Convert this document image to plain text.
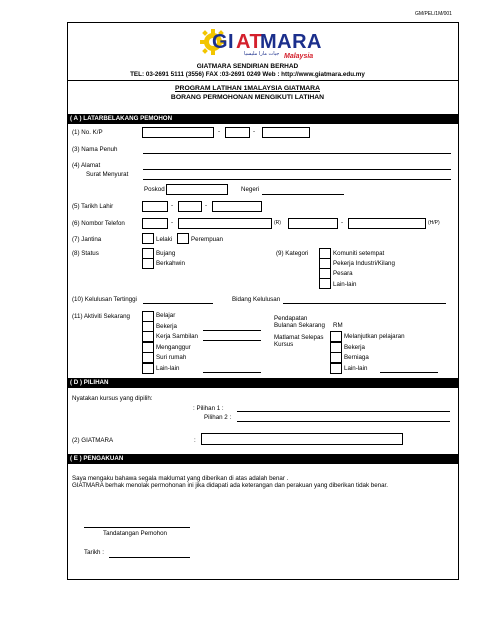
GM/PEL/1M/001
GI AT
MARA
جيات مارا مليسيا Malaysia
GIATMARA SENDIRIAN BERHAD
TEL: 03-2691 5111 (3556) FAX :03-2691 0249 Web : http://www.giatmara.edu.my
PROGRAM LATIHAN 1MALAYSIA GIATMARA
BORANG PERMOHONAN MENGIKUTI LATIHAN
( A ) LATARBELAKANG PEMOHON
(1) No. K/P	-	-
(3) Nama Penuh
(4) Alamat
Surat Menyurat
Poskod	Negeri
(5) Tarikh Lahir	-	-
(6) Nombor Telefon	-	(R)	-	(H/P)
(7) Jantina	Lelaki	Perempuan
(8) Status	Bujang
Berkahwin
(9) Kategori	Komuniti setempat
Pekerja Industri/Kilang
Pesara
Lain-lain
(10) Kelulusan Tertinggi	Bidang Kelulusan
(11) Aktiviti Sekarang	Belajar
Bekerja
Kerja Sambilan
Menganggur
Suri rumah
Lain-lain
Pendapatan
Bulanan Sekarang RM
Matlamat Selepas
Kursus
Melanjutkan pelajaran
Bekerja
Berniaga
Lain-lain
( D ) PILIHAN
Nyatakan kursus yang dipilih:
: Pilihan 1 :
Pilihan 2 :
(2) GIATMARA	:
( E ) PENGAKUAN
Saya mengaku bahawa segala maklumat yang diberikan di atas adalah benar .
GIATMARA berhak menolak permohonan ini jika didapati ada keterangan dan perakuan yang diberikan tidak benar.
Tandatangan Pemohon
Tarikh :
